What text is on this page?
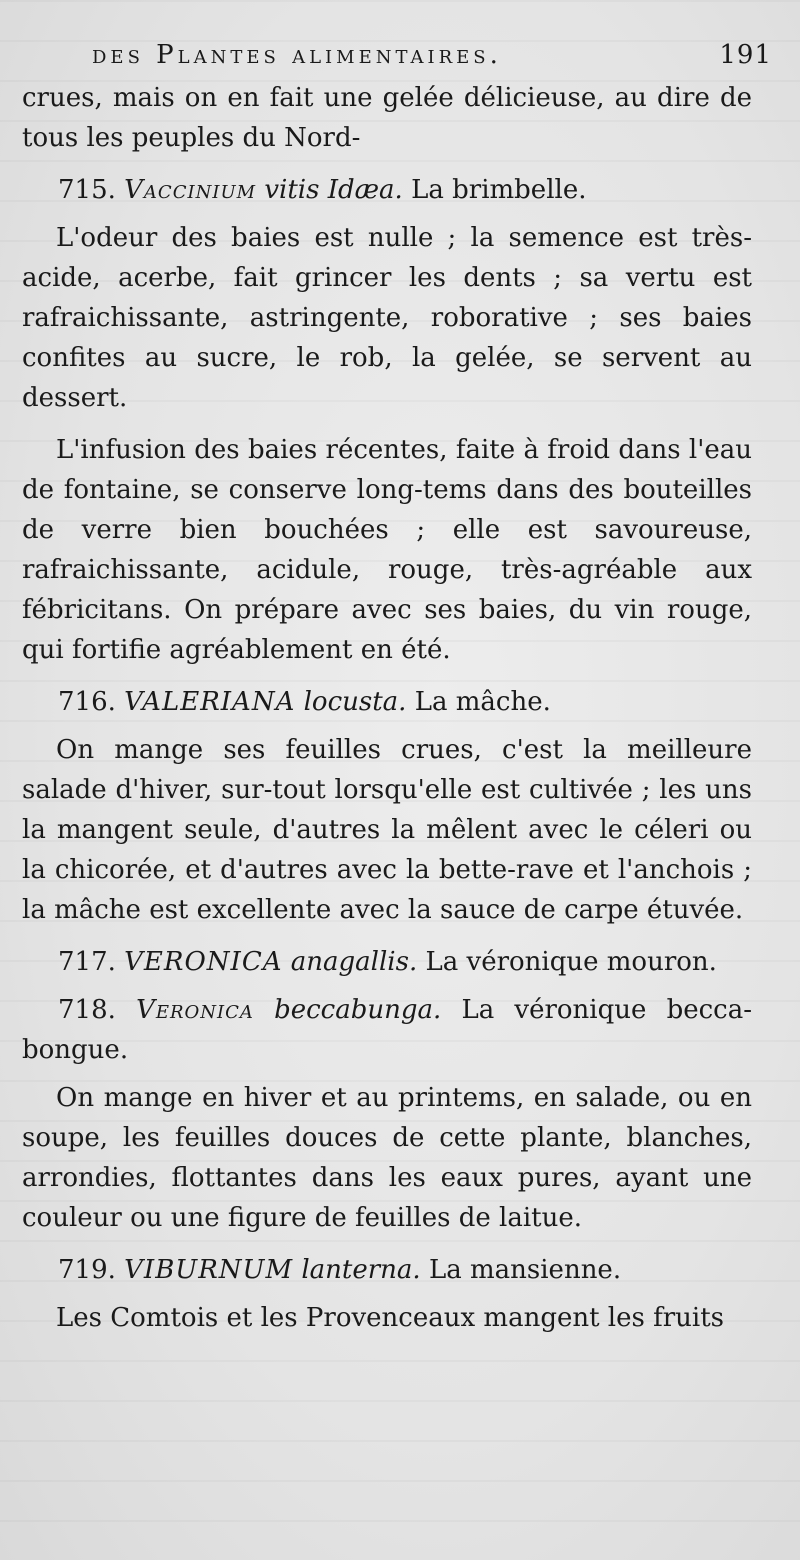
des Plantes alimentaires.	191

crues, mais on en fait une gelée délicieuse, au dire de tous les peuples du Nord-

715. Vaccinium vitis Idæa. La brimbelle.

L'odeur des baies est nulle ; la semence est très-acide, acerbe, fait grincer les dents ; sa vertu est rafraichissante, astringente, roborative ; ses baies confites au sucre, le rob, la gelée, se servent au dessert.

L'infusion des baies récentes, faite à froid dans l'eau de fontaine, se conserve long-tems dans des bouteilles de verre bien bouchées ; elle est savoureuse, rafraichissante, acidule, rouge, très-agréable aux fébricitans. On prépare avec ses baies, du vin rouge, qui fortifie agréablement en été.

716. VALERIANA locusta. La mâche.

On mange ses feuilles crues, c'est la meilleure salade d'hiver, sur-tout lorsqu'elle est cultivée ; les uns la mangent seule, d'autres la mêlent avec le céleri ou la chicorée, et d'autres avec la bette-rave et l'anchois ; la mâche est excellente avec la sauce de carpe étuvée.

717. VERONICA anagallis. La véronique mouron.

718. Veronica beccabunga. La véronique becca-bongue.

On mange en hiver et au printems, en salade, ou en soupe, les feuilles douces de cette plante, blanches, arrondies, flottantes dans les eaux pures, ayant une couleur ou une figure de feuilles de laitue.

719. VIBURNUM lanterna. La mansienne.

Les Comtois et les Provenceaux mangent les fruits
